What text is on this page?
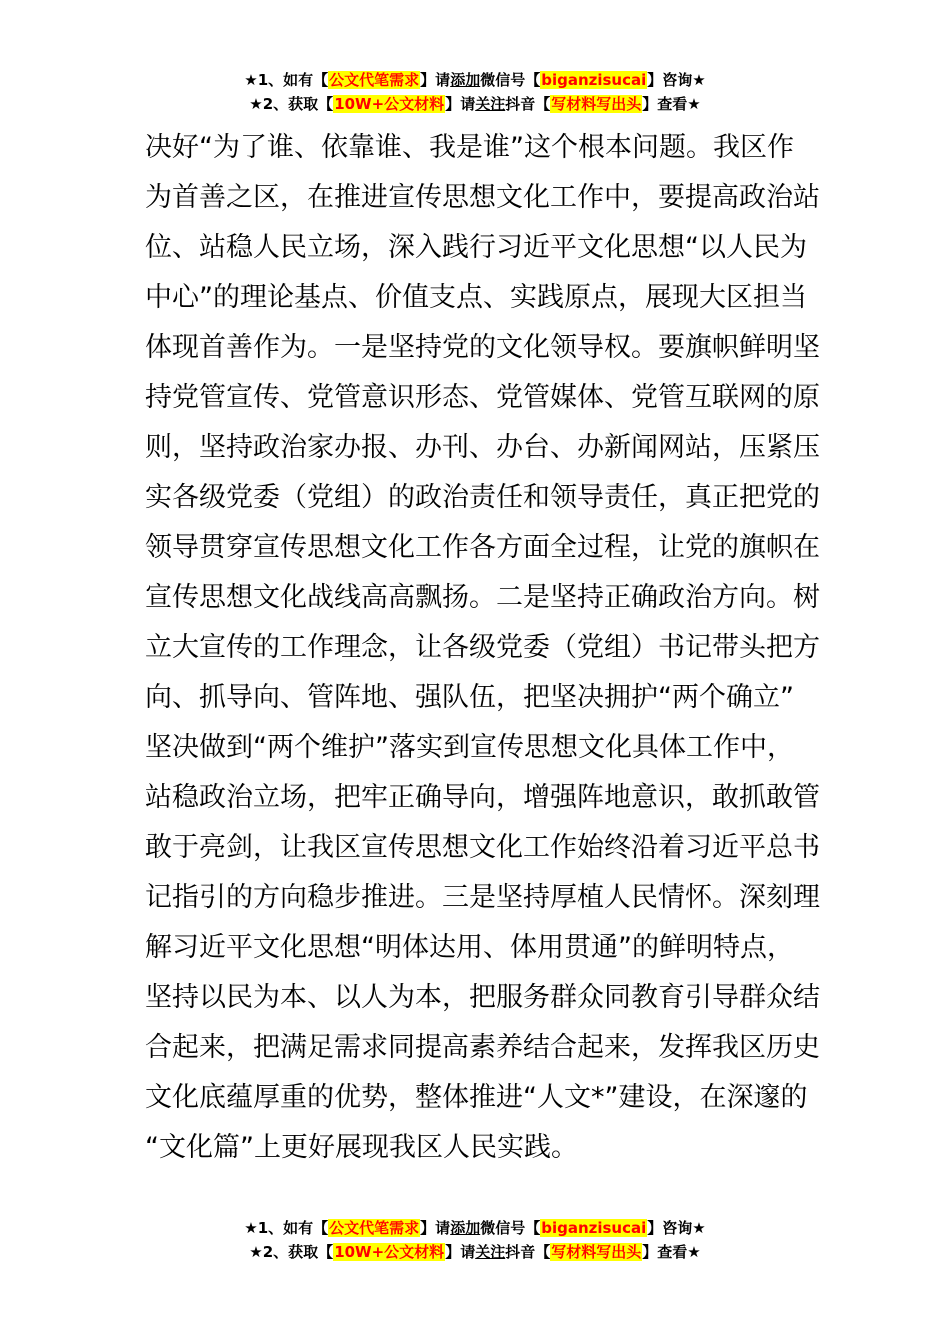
★1、如有【公文代笔需求】请添加微信号【biganzisucai】咨询★
★2、获取【10W+公文材料】请关注抖音【写材料写出头】查看★
决好“为了谁、依靠谁、我是谁”这个根本问题。我区作
为首善之区，在推进宣传思想文化工作中，要提高政治站
位、站稳人民立场，深入践行习近平文化思想“以人民为
中心”的理论基点、价值支点、实践原点，展现大区担当
体现首善作为。一是坚持党的文化领导权。要旗帜鲜明坚
持党管宣传、党管意识形态、党管媒体、党管互联网的原
则，坚持政治家办报、办刊、办台、办新闻网站，压紧压
实各级党委（党组）的政治责任和领导责任，真正把党的
领导贯穿宣传思想文化工作各方面全过程，让党的旗帜在
宣传思想文化战线高高飘扬。二是坚持正确政治方向。树
立大宣传的工作理念，让各级党委（党组）书记带头把方
向、抓导向、管阵地、强队伍，把坚决拥护“两个确立”
坚决做到“两个维护”落实到宣传思想文化具体工作中，
站稳政治立场，把牢正确导向，增强阵地意识，敢抓敢管
敢于亮剑，让我区宣传思想文化工作始终沿着习近平总书
记指引的方向稳步推进。三是坚持厚植人民情怀。深刻理
解习近平文化思想“明体达用、体用贯通”的鲜明特点，
坚持以民为本、以人为本，把服务群众同教育引导群众结
合起来，把满足需求同提高素养结合起来，发挥我区历史
文化底蕴厚重的优势，整体推进“人文*”建设，在深邃的
“文化篇”上更好展现我区人民实践。
★1、如有【公文代笔需求】请添加微信号【biganzisucai】咨询★
★2、获取【10W+公文材料】请关注抖音【写材料写出头】查看★
